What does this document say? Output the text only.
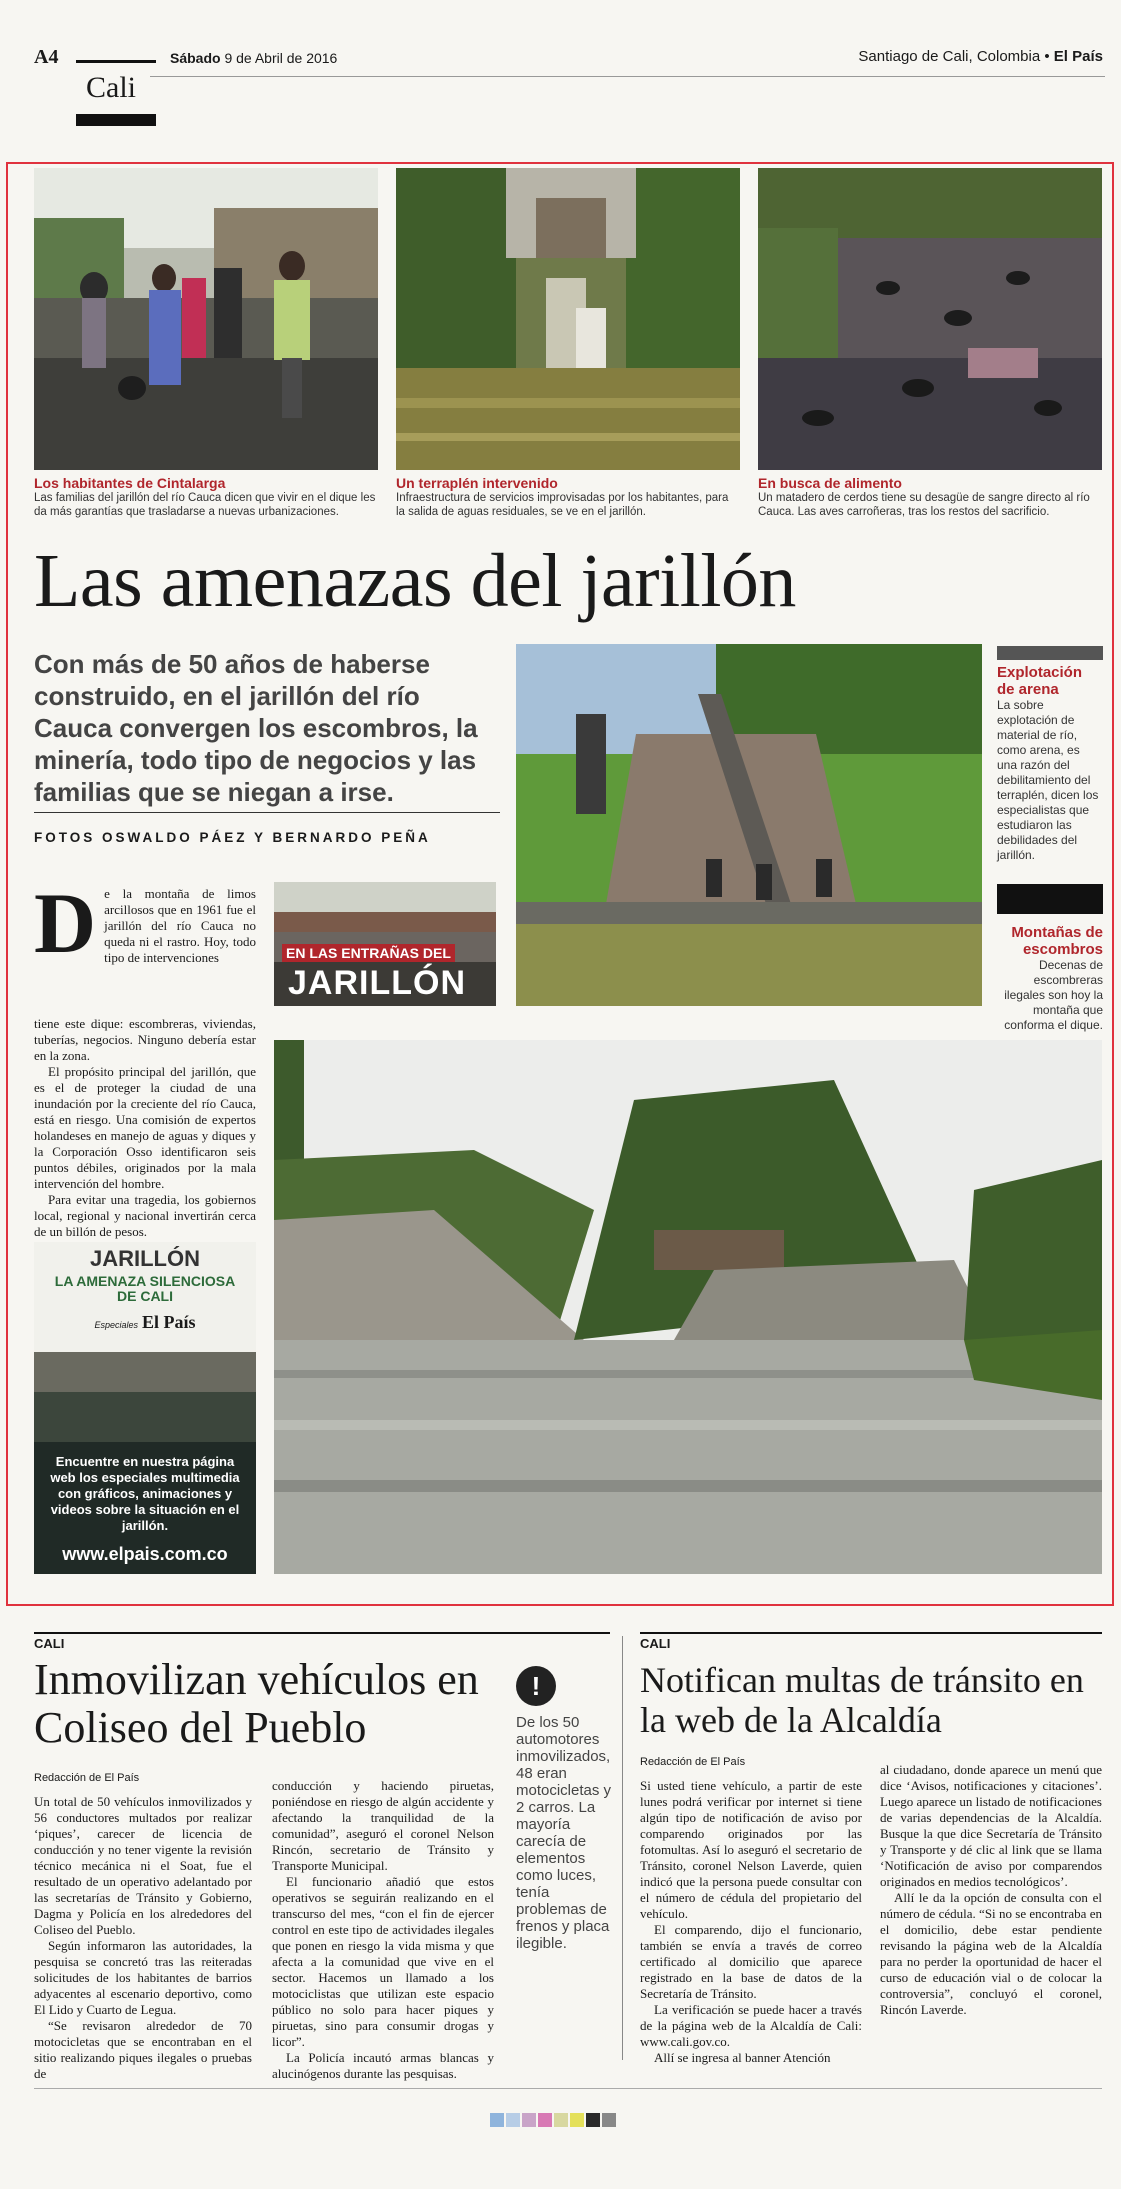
A4
Cali
Sábado 9 de Abril de 2016	Santiago de Cali, Colombia • El País
Los habitantes de Cintalarga
Las familias del jarillón del río Cauca dicen que vivir en el dique les da más garantías que trasladarse a nuevas urbanizaciones.
Un terraplén intervenido
Infraestructura de servicios improvisadas por los habitantes, para la salida de aguas residuales, se ve en el jarillón.
En busca de alimento
Un matadero de cerdos tiene su desagüe de sangre directo al río Cauca. Las aves carroñeras, tras los restos del sacrificio.
Las amenazas del jarillón
Con más de 50 años de haberse construido, en el jarillón del río Cauca convergen los escombros, la minería, todo tipo de negocios y las familias que se niegan a irse.
FOTOS OSWALDO PÁEZ Y BERNARDO PEÑA
Explotación de arena
La sobre explotación de material de río, como arena, es una razón del debilitamiento del terraplén, dicen los especialistas que estudiaron las debilidades del jarillón.
Montañas de escombros
Decenas de escombreras ilegales son hoy la montaña que conforma el dique.
D e la montaña de limos arcillosos que en 1961 fue el jarillón del río Cauca no queda ni el rastro. Hoy, todo tipo de intervenciones

tiene este dique: escombreras, viviendas, tuberías, negocios. Ninguno debería estar en la zona.

El propósito principal del jarillón, que es el de proteger la ciudad de una inundación por la creciente del río Cauca, está en riesgo. Una comisión de expertos holandeses en manejo de aguas y diques y la Corporación Osso identificaron seis puntos débiles, originados por la mala intervención del hombre.

Para evitar una tragedia, los gobiernos local, regional y nacional invertirán cerca de un billón de pesos.

EN LAS ENTRAÑAS DEL
JARILLÓN
JARILLÓN
LA AMENAZA SILENCIOSA DE CALI
Especiales El País
Encuentre en nuestra página web los especiales multimedia con gráficos, animaciones y videos sobre la situación en el jarillón.
www.elpais.com.co
CALI
Inmovilizan vehículos en Coliseo del Pueblo
Redacción de El País

Un total de 50 vehículos inmovilizados y 56 conductores multados por realizar ‘piques’, carecer de licencia de conducción y no tener vigente la revisión técnico mecánica ni el Soat, fue el resultado de un operativo adelantado por las secretarías de Tránsito y Gobierno, Dagma y Policía en los alrededores del Coliseo del Pueblo.

Según informaron las autoridades, la pesquisa se concretó tras las reiteradas solicitudes de los habitantes de barrios adyacentes al escenario deportivo, como El Lido y Cuarto de Legua.

“Se revisaron alrededor de 70 motocicletas que se encontraban en el sitio realizando piques ilegales o pruebas de

conducción y haciendo piruetas, poniéndose en riesgo de algún accidente y afectando la tranquilidad de la comunidad”, aseguró el coronel Nelson Rincón, secretario de Tránsito y Transporte Municipal.

El funcionario añadió que estos operativos se seguirán realizando en el transcurso del mes, “con el fin de ejercer control en este tipo de actividades ilegales que ponen en riesgo la vida misma y que afecta a la comunidad que vive en el sector. Hacemos un llamado a los motociclistas que utilizan este espacio público no solo para hacer piques y piruetas, sino para consumir drogas y licor”.

La Policía incautó armas blancas y alucinógenos durante las pesquisas.

!
De los 50 automotores inmovilizados, 48 eran motocicletas y 2 carros. La mayoría carecía de elementos como luces, tenía problemas de frenos y placa ilegible.
CALI
Notifican multas de tránsito en la web de la Alcaldía
Redacción de El País

Si usted tiene vehículo, a partir de este lunes podrá verificar por internet si tiene algún tipo de notificación de aviso por comparendo originados por las fotomultas. Así lo aseguró el secretario de Tránsito, coronel Nelson Laverde, quien indicó que la persona puede consultar con el número de cédula del propietario del vehículo.

El comparendo, dijo el funcionario, también se envía a través de correo certificado al domicilio que aparece registrado en la base de datos de la Secretaría de Tránsito.

La verificación se puede hacer a través de la página web de la Alcaldía de Cali: www.cali.gov.co.

Allí se ingresa al banner Atención

al ciudadano, donde aparece un menú que dice ‘Avisos, notificaciones y citaciones’. Luego aparece un listado de notificaciones de varias dependencias de la Alcaldía. Busque la que dice Secretaría de Tránsito y Transporte y dé clic al link que se llama ‘Notificación de aviso por comparendos originados en medios tecnológicos’.

Allí le da la opción de consulta con el número de cédula. “Si no se encontraba en el domicilio, debe estar pendiente revisando la página web de la Alcaldía para no perder la oportunidad de hacer el curso de educación vial o de colocar la controversia”, concluyó el coronel, Rincón Laverde.
